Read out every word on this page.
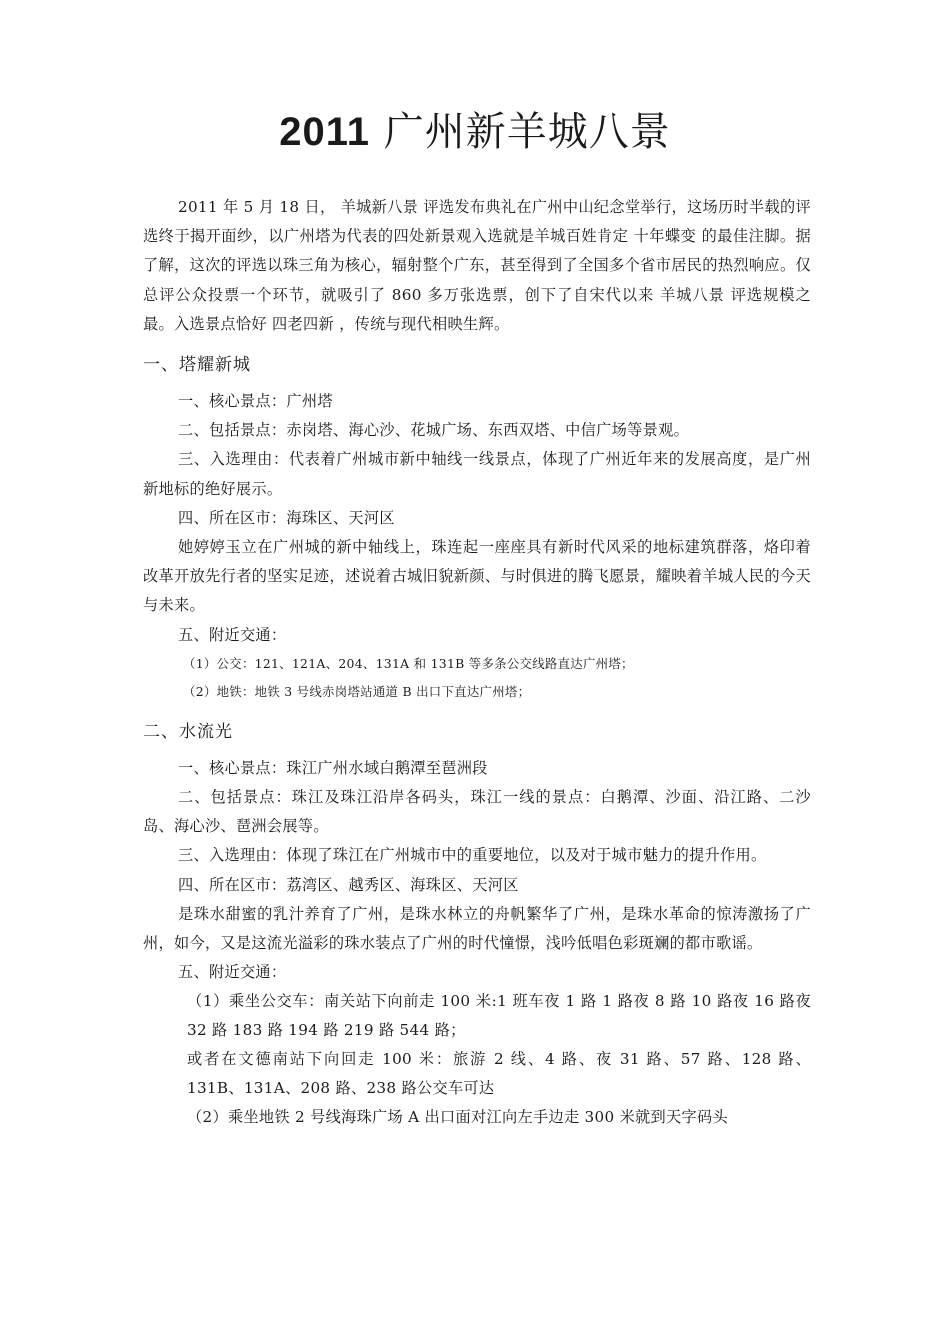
2011 广州新羊城八景

2011 年 5 月 18 日， 羊城新八景 评选发布典礼在广州中山纪念堂举行，这场历时半载的评选终于揭开面纱，以广州塔为代表的四处新景观入选就是羊城百姓肯定 十年蝶变 的最佳注脚。据了解，这次的评选以珠三角为核心，辐射整个广东，甚至得到了全国多个省市居民的热烈响应。仅总评公众投票一个环节，就吸引了 860 多万张选票，创下了自宋代以来 羊城八景 评选规模之最。入选景点恰好 四老四新 ，传统与现代相映生辉。

一、塔耀新城

一、核心景点：广州塔

二、包括景点：赤岗塔、海心沙、花城广场、东西双塔、中信广场等景观。

三、入选理由：代表着广州城市新中轴线一线景点，体现了广州近年来的发展高度，是广州新地标的绝好展示。

四、所在区市：海珠区、天河区

她婷婷玉立在广州城的新中轴线上，珠连起一座座具有新时代风采的地标建筑群落，烙印着改革开放先行者的坚实足迹，述说着古城旧貌新颜、与时俱进的腾飞愿景，耀映着羊城人民的今天与未来。

五、附近交通：

（1）公交：121、121A、204、131A 和 131B 等多条公交线路直达广州塔；

（2）地铁：地铁 3 号线赤岗塔站通道 B 出口下直达广州塔；

二、水流光

一、核心景点：珠江广州水域白鹅潭至琶洲段

二、包括景点：珠江及珠江沿岸各码头，珠江一线的景点：白鹅潭、沙面、沿江路、二沙岛、海心沙、琶洲会展等。

三、入选理由：体现了珠江在广州城市中的重要地位，以及对于城市魅力的提升作用。

四、所在区市：荔湾区、越秀区、海珠区、天河区

是珠水甜蜜的乳汁养育了广州，是珠水林立的舟帆繁华了广州，是珠水革命的惊涛激扬了广州，如今，又是这流光溢彩的珠水装点了广州的时代憧憬，浅吟低唱色彩斑斓的都市歌谣。

五、附近交通：

（1）乘坐公交车：南关站下向前走 100 米:1 班车夜 1 路 1 路夜 8 路 10 路夜 16 路夜 32 路 183 路 194 路 219 路 544 路；

或者在文德南站下向回走 100 米：旅游 2 线、4 路、夜 31 路、57 路、128 路、131B、131A、208 路、238 路公交车可达

（2）乘坐地铁 2 号线海珠广场 A 出口面对江向左手边走 300 米就到天字码头
